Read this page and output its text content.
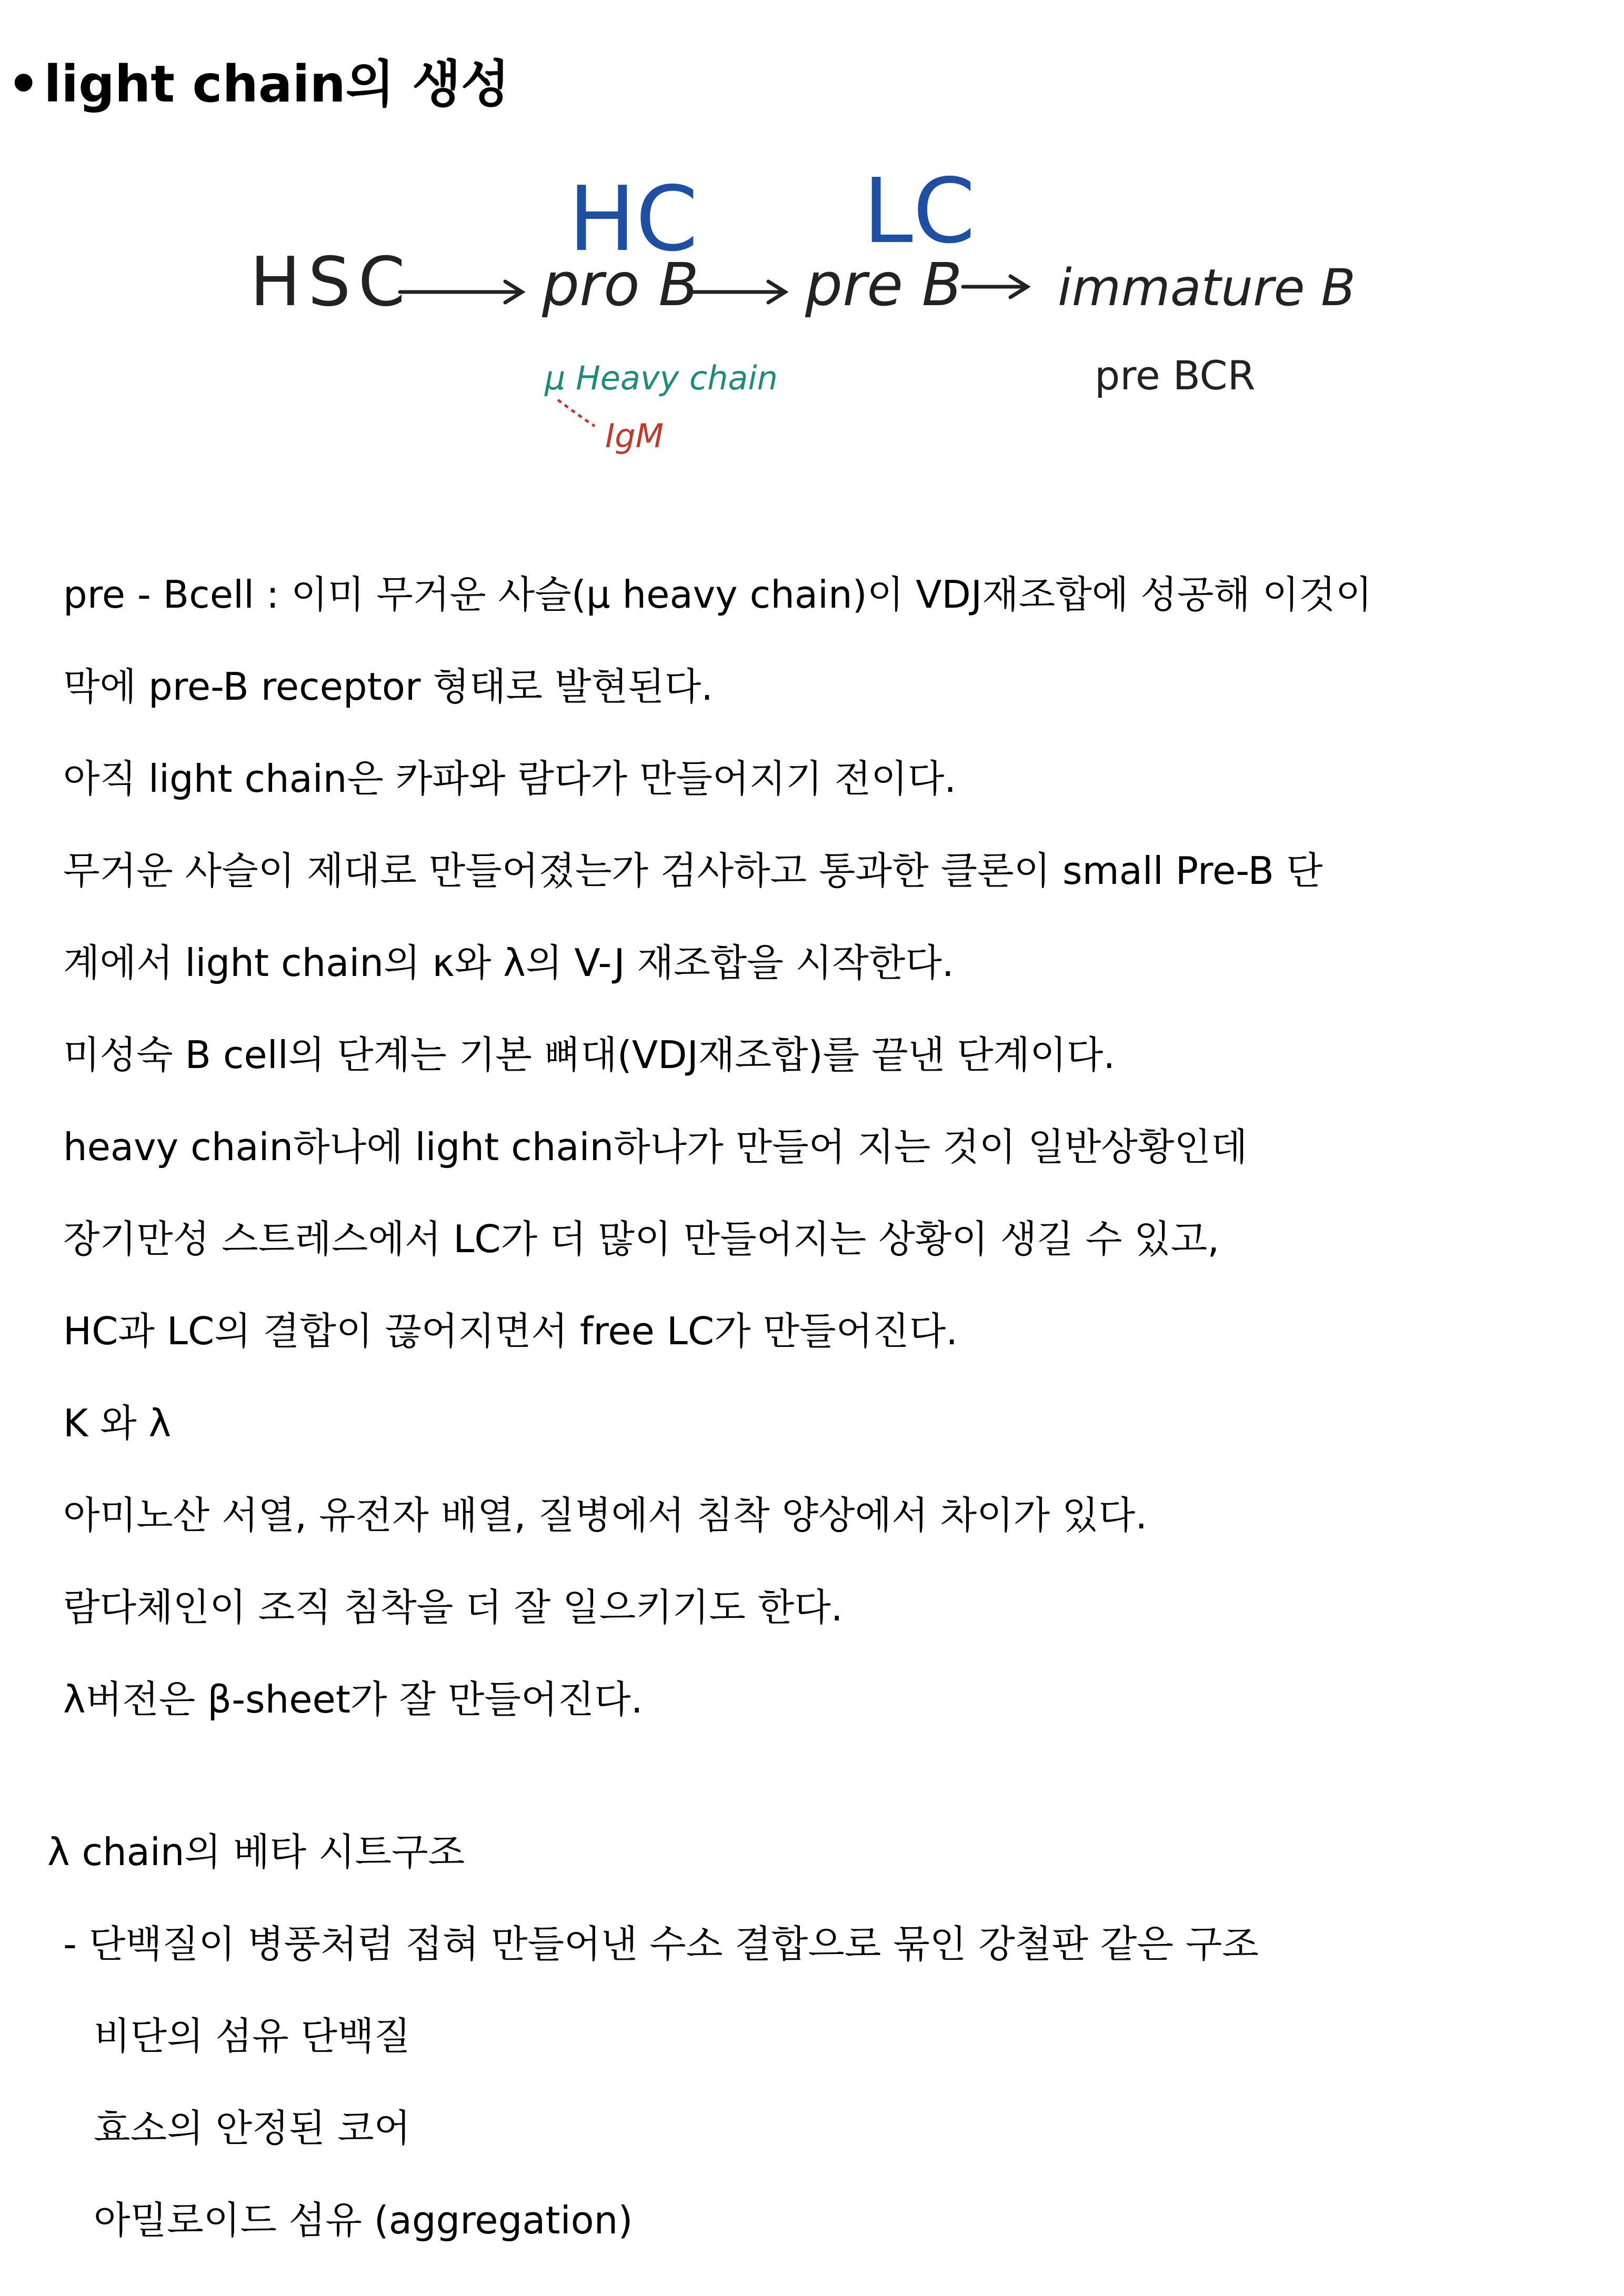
•light chain의 생성
HSC pro B pre B immature B
HC LC
μ Heavy chain
IgM
pre BCR

pre - Bcell : 이미 무거운 사슬(μ heavy chain)이 VDJ재조합에 성공해 이것이

막에 pre-B receptor 형태로 발현된다.

아직 light chain은 카파와 람다가 만들어지기 전이다.

무거운 사슬이 제대로 만들어졌는가 검사하고 통과한 클론이 small Pre-B 단

계에서 light chain의 κ와 λ의 V-J 재조합을 시작한다.

미성숙 B cell의 단계는 기본 뼈대(VDJ재조합)를 끝낸 단계이다.

heavy chain하나에 light chain하나가 만들어 지는 것이 일반상황인데

장기만성 스트레스에서 LC가 더 많이 만들어지는 상황이 생길 수 있고,

HC과 LC의 결합이 끊어지면서 free LC가 만들어진다.

K 와 λ

아미노산 서열, 유전자 배열, 질병에서 침착 양상에서 차이가 있다.

람다체인이 조직 침착을 더 잘 일으키기도 한다.

λ버전은 β-sheet가 잘 만들어진다.

λ chain의 베타 시트구조

- 단백질이 병풍처럼 접혀 만들어낸 수소 결합으로 묶인 강철판 같은 구조

비단의 섬유 단백질

효소의 안정된 코어

아밀로이드 섬유 (aggregation)
